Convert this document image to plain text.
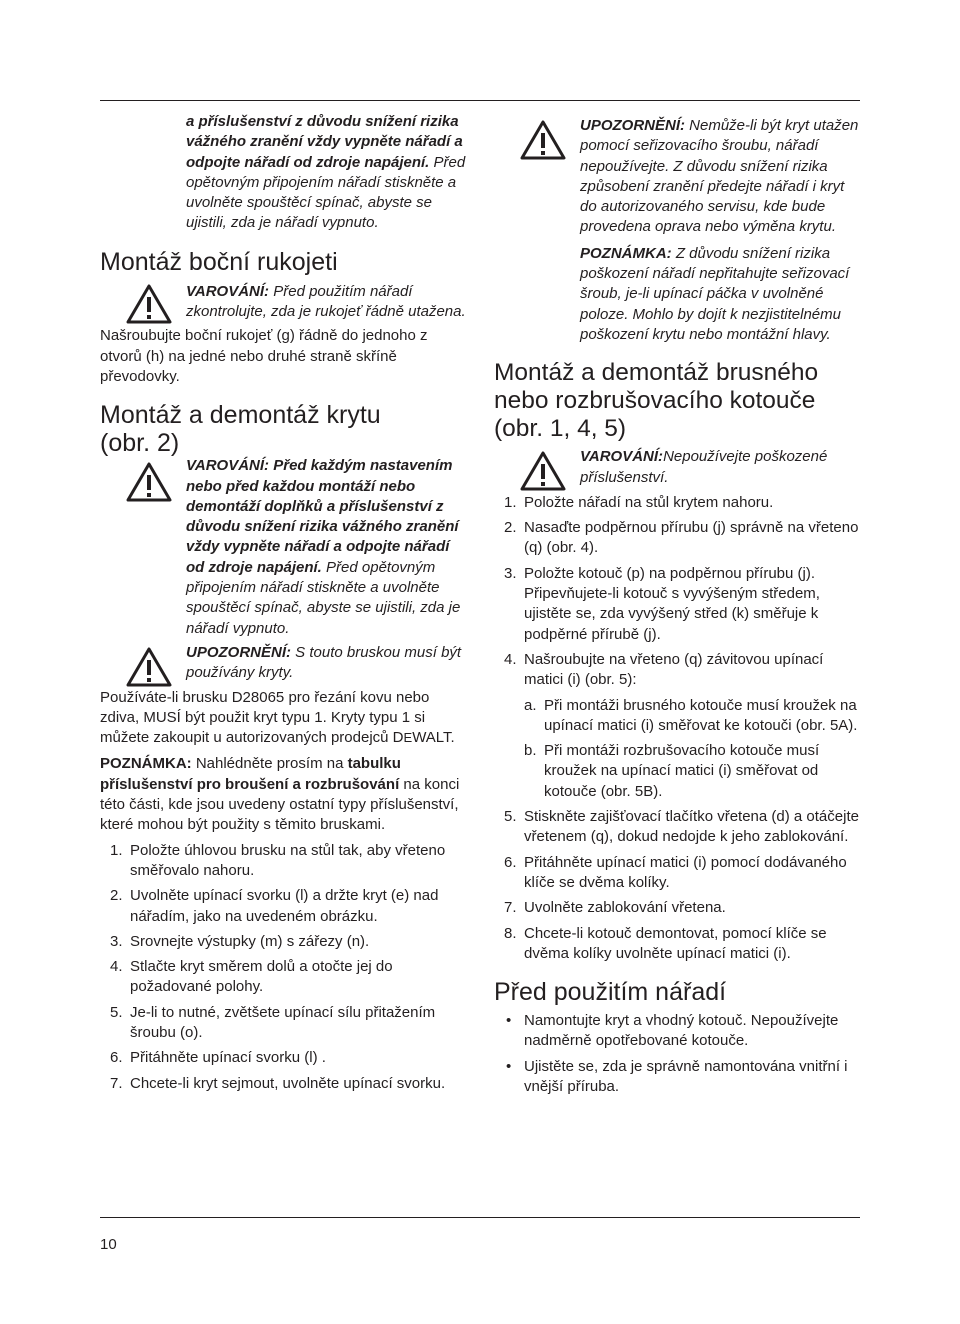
a příslušenství z důvodu snížení rizika vážného zranění vždy vypněte nářadí a odpojte nářadí od zdroje napájení. Před opětovným připojením nářadí stiskněte a uvolněte spouštěcí spínač, abyste se ujistili, zda je nářadí vypnuto.

Montáž boční rukojeti

VAROVÁNÍ: Před použitím nářadí zkontrolujte, zda je rukojeť řádně utažena.

Našroubujte boční rukojeť (g) řádně do jednoho z otvorů (h) na jedné nebo druhé straně skříně převodovky.

Montáž a demontáž krytu
(obr. 2)

VAROVÁNÍ: Před každým nastavením nebo před každou montáží nebo demontáží doplňků a příslušenství z důvodu snížení rizika vážného zranění vždy vypněte nářadí a odpojte nářadí od zdroje napájení. Před opětovným připojením nářadí stiskněte a uvolněte spouštěcí spínač, abyste se ujistili, zda je nářadí vypnuto.

UPOZORNĚNÍ: S touto bruskou musí být používány kryty.

Používáte-li brusku D28065 pro řezání kovu nebo zdiva, MUSÍ být použit kryt typu 1. Kryty typu 1 si můžete zakoupit u autorizovaných prodejců DEWALT.

POZNÁMKA: Nahlédněte prosím na tabulku příslušenství pro broušení a rozbrušování na konci této části, kde jsou uvedeny ostatní typy příslušenství, které mohou být použity s těmito bruskami.

1. Položte úhlovou brusku na stůl tak, aby vřeteno směřovalo nahoru.
2. Uvolněte upínací svorku (l) a držte kryt (e) nad nářadím, jako na uvedeném obrázku.
3. Srovnejte výstupky (m) s zářezy (n).
4. Stlačte kryt směrem dolů a otočte jej do požadované polohy.
5. Je-li to nutné, zvětšete upínací sílu přitažením šroubu (o).
6. Přitáhněte upínací svorku (l) .
7. Chcete-li kryt sejmout, uvolněte upínací svorku.

UPOZORNĚNÍ: Nemůže-li být kryt utažen pomocí seřizovacího šroubu, nářadí nepoužívejte. Z důvodu snížení rizika způsobení zranění předejte nářadí i kryt do autorizovaného servisu, kde bude provedena oprava nebo výměna krytu.

POZNÁMKA: Z důvodu snížení rizika poškození nářadí nepřitahujte seřizovací šroub, je-li upínací páčka v uvolněné poloze. Mohlo by dojít k nezjistitelnému poškození krytu nebo montážní hlavy.

Montáž a demontáž brusného
nebo rozbrušovacího kotouče
(obr. 1, 4, 5)

VAROVÁNÍ:Nepoužívejte poškozené příslušenství.

1. Položte nářadí na stůl krytem nahoru.
2. Nasaďte podpěrnou přírubu (j) správně na vřeteno (q) (obr. 4).
3. Položte kotouč (p) na podpěrnou přírubu (j). Připevňujete-li kotouč s vyvýšeným středem, ujistěte se, zda vyvýšený střed (k) směřuje k podpěrné přírubě (j).
4. Našroubujte na vřeteno (q) závitovou upínací matici (i) (obr. 5):
a. Při montáži brusného kotouče musí kroužek na upínací matici (i) směřovat ke kotouči (obr. 5A).
b. Při montáži rozbrušovacího kotouče musí kroužek na upínací matici (i) směřovat od kotouče (obr. 5B).
5. Stiskněte zajišťovací tlačítko vřetena (d) a otáčejte vřetenem (q), dokud nedojde k jeho zablokování.
6. Přitáhněte upínací matici (i) pomocí dodávaného klíče se dvěma kolíky.
7. Uvolněte zablokování vřetena.
8. Chcete-li kotouč demontovat, pomocí klíče se dvěma kolíky uvolněte upínací matici (i).
Před použitím nářadí
• Namontujte kryt a vhodný kotouč. Nepoužívejte nadměrně opotřebované kotouče.
• Ujistěte se, zda je správně namontována vnitřní i vnější příruba.
10
